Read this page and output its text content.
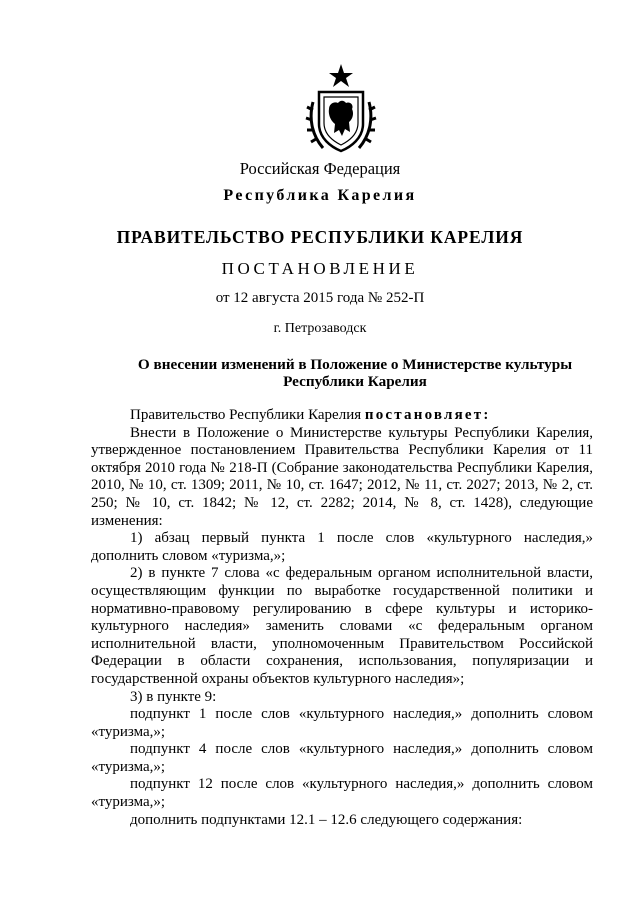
Российская Федерация
Республика Карелия
ПРАВИТЕЛЬСТВО РЕСПУБЛИКИ КАРЕЛИЯ
ПОСТАНОВЛЕНИЕ
от 12 августа 2015 года № 252-П
г. Петрозаводск
О внесении изменений в Положение о Министерстве культуры Республики Карелия

Правительство Республики Карелия постановляет:

Внести в Положение о Министерстве культуры Республики Карелия, утвержденное постановлением Правительства Республики Карелия от 11 октября 2010 года № 218-П (Собрание законодательства Республики Карелия, 2010, № 10, ст. 1309; 2011, № 10, ст. 1647; 2012, № 11, ст. 2027; 2013, № 2, ст. 250; № 10, ст. 1842; № 12, ст. 2282; 2014, № 8, ст. 1428), следующие изменения:

1) абзац первый пункта 1 после слов «культурного наследия,» дополнить словом «туризма,»;

2) в пункте 7 слова «с федеральным органом исполнительной власти, осуществляющим функции по выработке государственной политики и нормативно-правовому регулированию в сфере культуры и историко-культурного наследия» заменить словами «с федеральным органом исполнительной власти, уполномоченным Правительством Российской Федерации в области сохранения, использования, популяризации и государственной охраны объектов культурного наследия»;

3) в пункте 9:

подпункт 1 после слов «культурного наследия,» дополнить словом «туризма,»;

подпункт 4 после слов «культурного наследия,» дополнить словом «туризма,»;

подпункт 12 после слов «культурного наследия,» дополнить словом «туризма,»;

дополнить подпунктами 12.1 – 12.6 следующего содержания:
